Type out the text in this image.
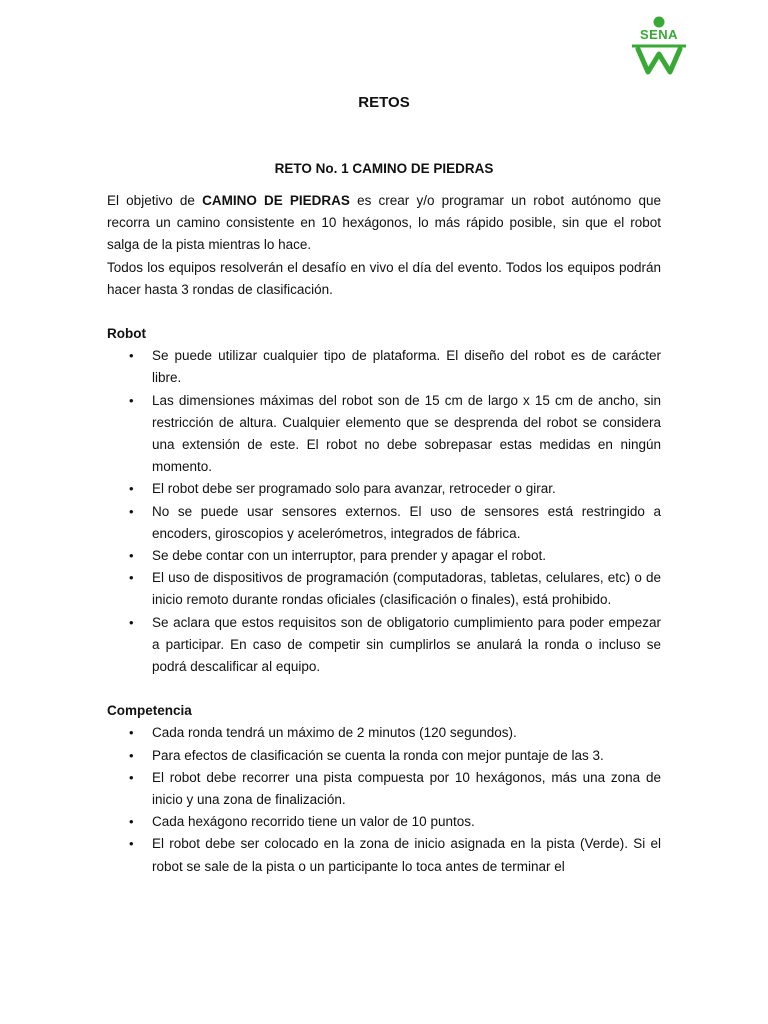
SENA
RETOS
RETO No. 1 CAMINO DE PIEDRAS

El objetivo de CAMINO DE PIEDRAS es crear y/o programar un robot autónomo que recorra un camino consistente en 10 hexágonos, lo más rápido posible, sin que el robot salga de la pista mientras lo hace.

Todos los equipos resolverán el desafío en vivo el día del evento. Todos los equipos podrán hacer hasta 3 rondas de clasificación.

Robot
• Se puede utilizar cualquier tipo de plataforma. El diseño del robot es de carácter libre.
• Las dimensiones máximas del robot son de 15 cm de largo x 15 cm de ancho, sin restricción de altura. Cualquier elemento que se desprenda del robot se considera una extensión de este. El robot no debe sobrepasar estas medidas en ningún momento.
• El robot debe ser programado solo para avanzar, retroceder o girar.
• No se puede usar sensores externos. El uso de sensores está restringido a encoders, giroscopios y acelerómetros, integrados de fábrica.
• Se debe contar con un interruptor, para prender y apagar el robot.
• El uso de dispositivos de programación (computadoras, tabletas, celulares, etc) o de inicio remoto durante rondas oficiales (clasificación o finales), está prohibido.
• Se aclara que estos requisitos son de obligatorio cumplimiento para poder empezar a participar. En caso de competir sin cumplirlos se anulará la ronda o incluso se podrá descalificar al equipo.
Competencia
• Cada ronda tendrá un máximo de 2 minutos (120 segundos).
• Para efectos de clasificación se cuenta la ronda con mejor puntaje de las 3.
• El robot debe recorrer una pista compuesta por 10 hexágonos, más una zona de inicio y una zona de finalización.
• Cada hexágono recorrido tiene un valor de 10 puntos.
• El robot debe ser colocado en la zona de inicio asignada en la pista (Verde). Si el robot se sale de la pista o un participante lo toca antes de terminar el
